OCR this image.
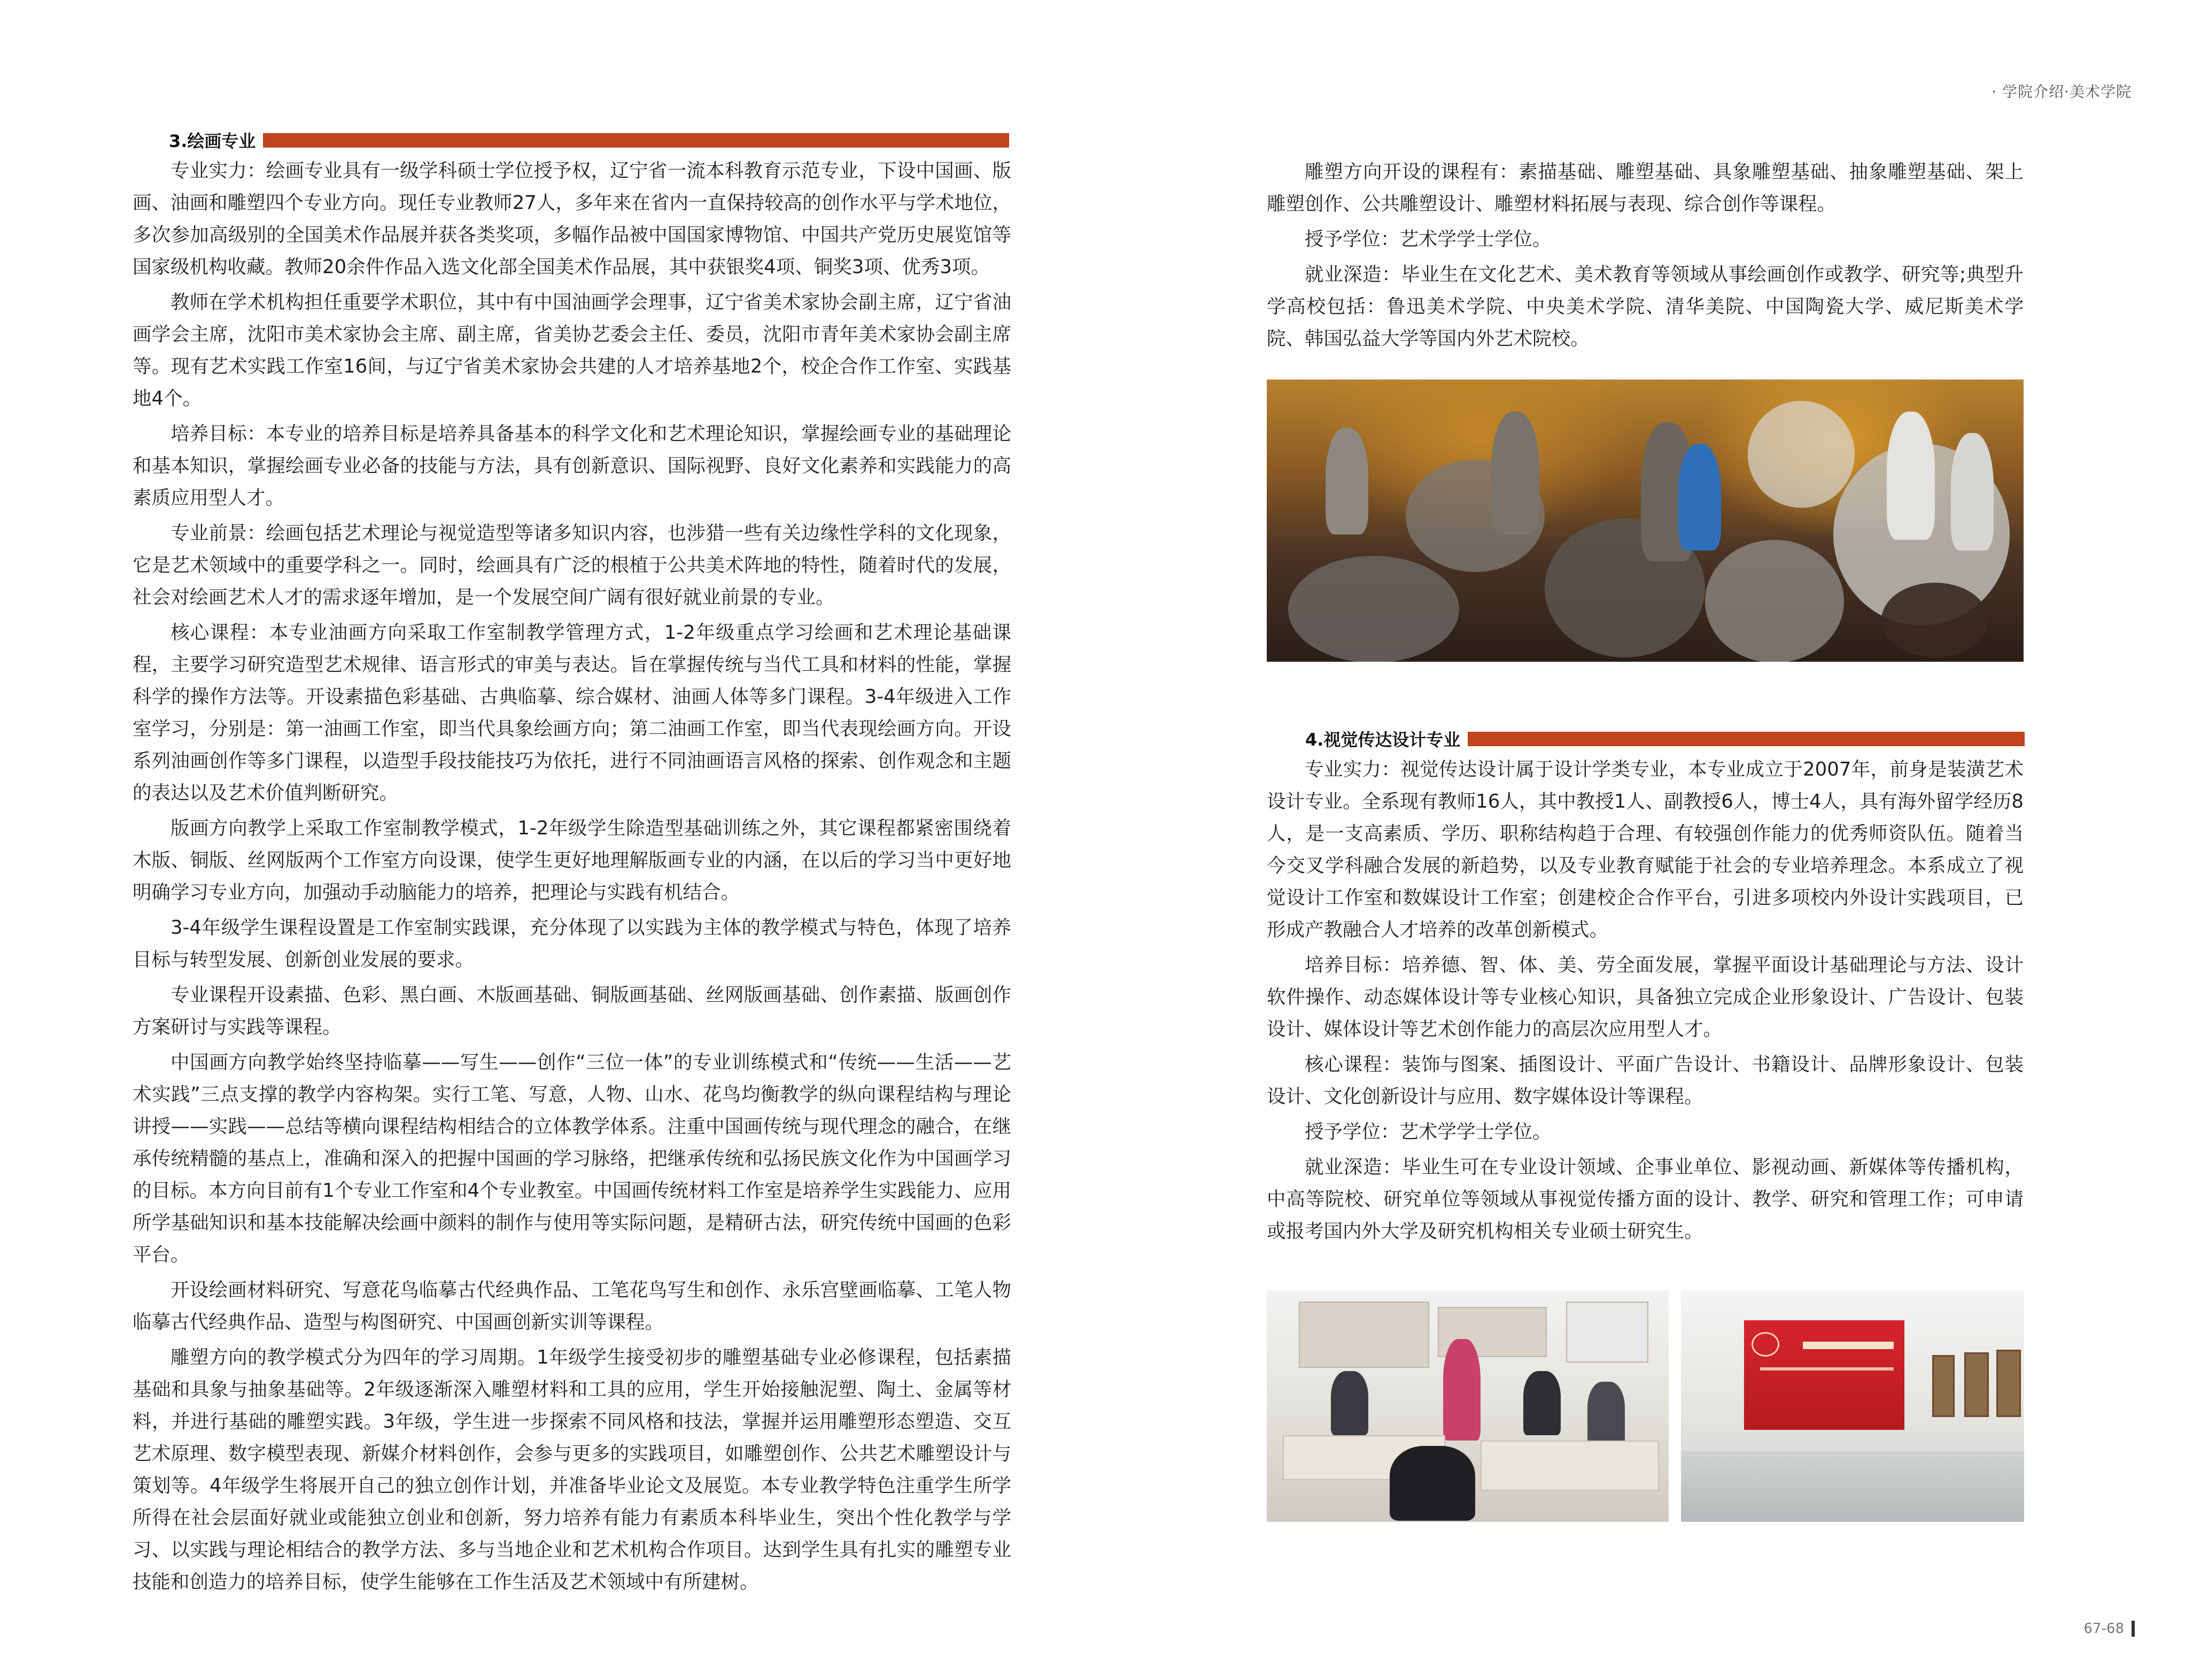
· 学院介绍·美术学院
3.绘画专业

专业实力：绘画专业具有一级学科硕士学位授予权，辽宁省一流本科教育示范专业，下设中国画、版画、油画和雕塑四个专业方向。现任专业教师27人，多年来在省内一直保持较高的创作水平与学术地位，多次参加高级别的全国美术作品展并获各类奖项，多幅作品被中国国家博物馆、中国共产党历史展览馆等国家级机构收藏。教师20余件作品入选文化部全国美术作品展，其中获银奖4项、铜奖3项、优秀3项。

教师在学术机构担任重要学术职位，其中有中国油画学会理事，辽宁省美术家协会副主席，辽宁省油画学会主席，沈阳市美术家协会主席、副主席，省美协艺委会主任、委员，沈阳市青年美术家协会副主席等。现有艺术实践工作室16间，与辽宁省美术家协会共建的人才培养基地2个，校企合作工作室、实践基地4个。

培养目标：本专业的培养目标是培养具备基本的科学文化和艺术理论知识，掌握绘画专业的基础理论和基本知识，掌握绘画专业必备的技能与方法，具有创新意识、国际视野、良好文化素养和实践能力的高素质应用型人才。

专业前景：绘画包括艺术理论与视觉造型等诸多知识内容，也涉猎一些有关边缘性学科的文化现象，它是艺术领域中的重要学科之一。同时，绘画具有广泛的根植于公共美术阵地的特性，随着时代的发展，社会对绘画艺术人才的需求逐年增加，是一个发展空间广阔有很好就业前景的专业。

核心课程：本专业油画方向采取工作室制教学管理方式，1-2年级重点学习绘画和艺术理论基础课程，主要学习研究造型艺术规律、语言形式的审美与表达。旨在掌握传统与当代工具和材料的性能，掌握科学的操作方法等。开设素描色彩基础、古典临摹、综合媒材、油画人体等多门课程。3-4年级进入工作室学习，分别是：第一油画工作室，即当代具象绘画方向；第二油画工作室，即当代表现绘画方向。开设系列油画创作等多门课程，以造型手段技能技巧为依托，进行不同油画语言风格的探索、创作观念和主题的表达以及艺术价值判断研究。

版画方向教学上采取工作室制教学模式，1-2年级学生除造型基础训练之外，其它课程都紧密围绕着木版、铜版、丝网版两个工作室方向设课，使学生更好地理解版画专业的内涵，在以后的学习当中更好地明确学习专业方向，加强动手动脑能力的培养，把理论与实践有机结合。

3-4年级学生课程设置是工作室制实践课，充分体现了以实践为主体的教学模式与特色，体现了培养目标与转型发展、创新创业发展的要求。

专业课程开设素描、色彩、黑白画、木版画基础、铜版画基础、丝网版画基础、创作素描、版画创作方案研讨与实践等课程。

中国画方向教学始终坚持临摹——写生——创作“三位一体”的专业训练模式和“传统——生活——艺术实践”三点支撑的教学内容构架。实行工笔、写意，人物、山水、花鸟均衡教学的纵向课程结构与理论讲授——实践——总结等横向课程结构相结合的立体教学体系。注重中国画传统与现代理念的融合，在继承传统精髓的基点上，准确和深入的把握中国画的学习脉络，把继承传统和弘扬民族文化作为中国画学习的目标。本方向目前有1个专业工作室和4个专业教室。中国画传统材料工作室是培养学生实践能力、应用所学基础知识和基本技能解决绘画中颜料的制作与使用等实际问题，是精研古法，研究传统中国画的色彩平台。

开设绘画材料研究、写意花鸟临摹古代经典作品、工笔花鸟写生和创作、永乐宫壁画临摹、工笔人物临摹古代经典作品、造型与构图研究、中国画创新实训等课程。

雕塑方向的教学模式分为四年的学习周期。1年级学生接受初步的雕塑基础专业必修课程，包括素描基础和具象与抽象基础等。2年级逐渐深入雕塑材料和工具的应用，学生开始接触泥塑、陶土、金属等材料，并进行基础的雕塑实践。3年级，学生进一步探索不同风格和技法，掌握并运用雕塑形态塑造、交互艺术原理、数字模型表现、新媒介材料创作，会参与更多的实践项目，如雕塑创作、公共艺术雕塑设计与策划等。4年级学生将展开自己的独立创作计划，并准备毕业论文及展览。本专业教学特色注重学生所学所得在社会层面好就业或能独立创业和创新，努力培养有能力有素质本科毕业生，突出个性化教学与学习、以实践与理论相结合的教学方法、多与当地企业和艺术机构合作项目。达到学生具有扎实的雕塑专业技能和创造力的培养目标，使学生能够在工作生活及艺术领域中有所建树。

雕塑方向开设的课程有：素描基础、雕塑基础、具象雕塑基础、抽象雕塑基础、架上雕塑创作、公共雕塑设计、雕塑材料拓展与表现、综合创作等课程。

授予学位：艺术学学士学位。

就业深造：毕业生在文化艺术、美术教育等领域从事绘画创作或教学、研究等;典型升学高校包括：鲁迅美术学院、中央美术学院、清华美院、中国陶瓷大学、威尼斯美术学院、韩国弘益大学等国内外艺术院校。

4.视觉传达设计专业

专业实力：视觉传达设计属于设计学类专业，本专业成立于2007年，前身是装潢艺术设计专业。全系现有教师16人，其中教授1人、副教授6人，博士4人，具有海外留学经历8人，是一支高素质、学历、职称结构趋于合理、有较强创作能力的优秀师资队伍。随着当今交叉学科融合发展的新趋势，以及专业教育赋能于社会的专业培养理念。本系成立了视觉设计工作室和数媒设计工作室；创建校企合作平台，引进多项校内外设计实践项目，已形成产教融合人才培养的改革创新模式。

培养目标：培养德、智、体、美、劳全面发展，掌握平面设计基础理论与方法、设计软件操作、动态媒体设计等专业核心知识，具备独立完成企业形象设计、广告设计、包装设计、媒体设计等艺术创作能力的高层次应用型人才。

核心课程：装饰与图案、插图设计、平面广告设计、书籍设计、品牌形象设计、包装设计、文化创新设计与应用、数字媒体设计等课程。

授予学位：艺术学学士学位。

就业深造：毕业生可在专业设计领域、企事业单位、影视动画、新媒体等传播机构，中高等院校、研究单位等领域从事视觉传播方面的设计、教学、研究和管理工作；可申请或报考国内外大学及研究机构相关专业硕士研究生。

67-68
